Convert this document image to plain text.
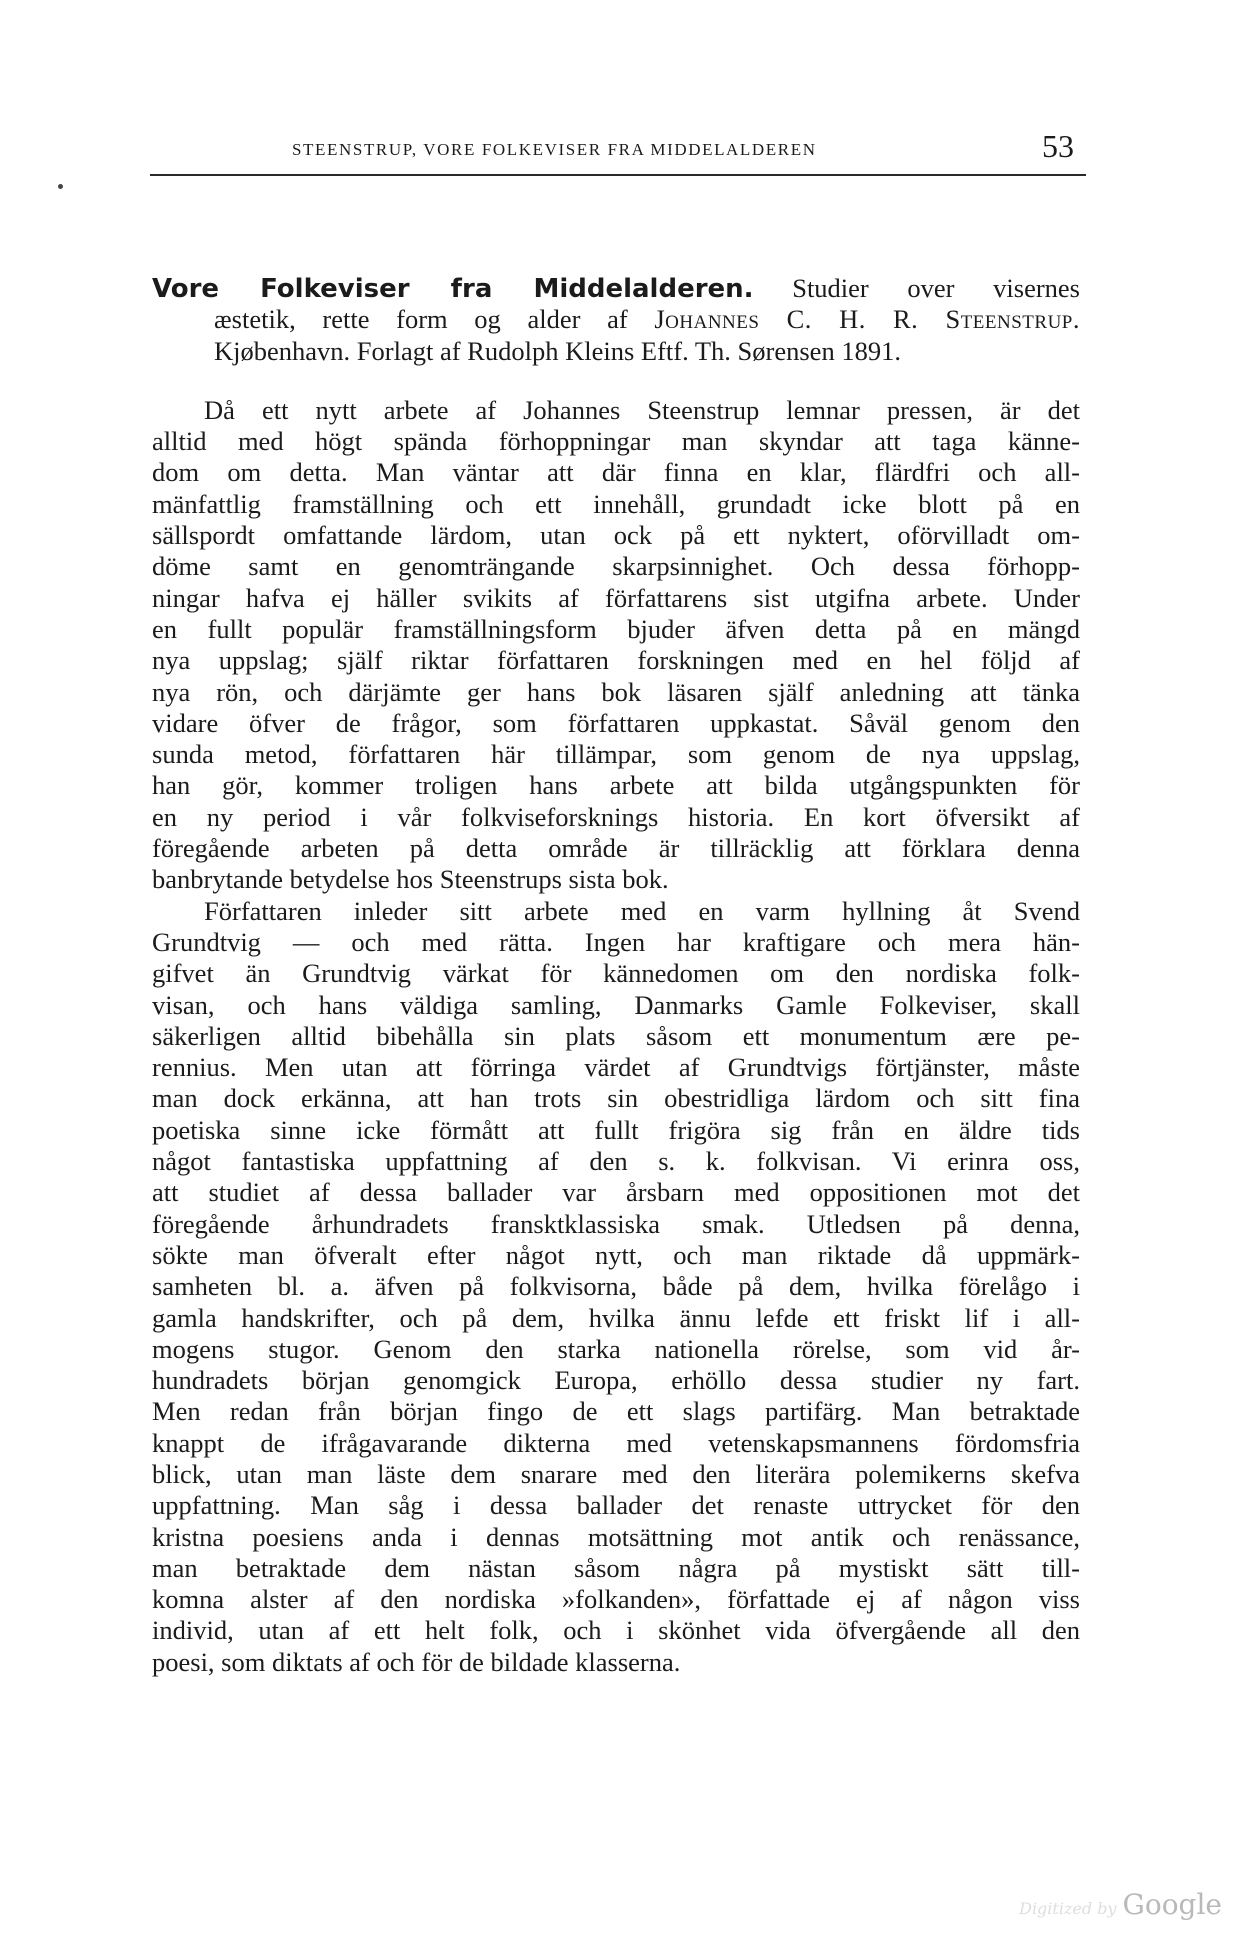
STEENSTRUP, VORE FOLKEVISER FRA MIDDELALDEREN	53
Vore Folkeviser fra Middelalderen. Studier over visernes
æstetik, rette form og alder af Johannes C. H. R. Steenstrup.
Kjøbenhavn. Forlagt af Rudolph Kleins Eftf. Th. Sørensen 1891.
Då ett nytt arbete af Johannes Steenstrup lemnar pressen, är det
alltid med högt spända förhoppningar man skyndar att taga känne-
dom om detta. Man väntar att där finna en klar, flärdfri och all-
mänfattlig framställning och ett innehåll, grundadt icke blott på en
sällspordt omfattande lärdom, utan ock på ett nyktert, oförvilladt om-
döme samt en genomträngande skarpsinnighet. Och dessa förhopp-
ningar hafva ej häller svikits af författarens sist utgifna arbete. Under
en fullt populär framställningsform bjuder äfven detta på en mängd
nya uppslag; själf riktar författaren forskningen med en hel följd af
nya rön, och därjämte ger hans bok läsaren själf anledning att tänka
vidare öfver de frågor, som författaren uppkastat. Såväl genom den
sunda metod, författaren här tillämpar, som genom de nya uppslag,
han gör, kommer troligen hans arbete att bilda utgångspunkten för
en ny period i vår folkviseforsknings historia. En kort öfversikt af
föregående arbeten på detta område är tillräcklig att förklara denna
banbrytande betydelse hos Steenstrups sista bok.
Författaren inleder sitt arbete med en varm hyllning åt Svend
Grundtvig — och med rätta. Ingen har kraftigare och mera hän-
gifvet än Grundtvig värkat för kännedomen om den nordiska folk-
visan, och hans väldiga samling, Danmarks Gamle Folkeviser, skall
säkerligen alltid bibehålla sin plats såsom ett monumentum ære pe-
rennius. Men utan att förringa värdet af Grundtvigs förtjänster, måste
man dock erkänna, att han trots sin obestridliga lärdom och sitt fina
poetiska sinne icke förmått att fullt frigöra sig från en äldre tids
något fantastiska uppfattning af den s. k. folkvisan. Vi erinra oss,
att studiet af dessa ballader var årsbarn med oppositionen mot det
föregående århundradets fransktklassiska smak. Utledsen på denna,
sökte man öfveralt efter något nytt, och man riktade då uppmärk-
samheten bl. a. äfven på folkvisorna, både på dem, hvilka förelågo i
gamla handskrifter, och på dem, hvilka ännu lefde ett friskt lif i all-
mogens stugor. Genom den starka nationella rörelse, som vid år-
hundradets början genomgick Europa, erhöllo dessa studier ny fart.
Men redan från början fingo de ett slags partifärg. Man betraktade
knappt de ifrågavarande dikterna med vetenskapsmannens fördomsfria
blick, utan man läste dem snarare med den literära polemikerns skefva
uppfattning. Man såg i dessa ballader det renaste uttrycket för den
kristna poesiens anda i dennas motsättning mot antik och renässance,
man betraktade dem nästan såsom några på mystiskt sätt till-
komna alster af den nordiska »folkanden», författade ej af någon viss
individ, utan af ett helt folk, och i skönhet vida öfvergående all den
poesi, som diktats af och för de bildade klasserna.
Digitized by Google
